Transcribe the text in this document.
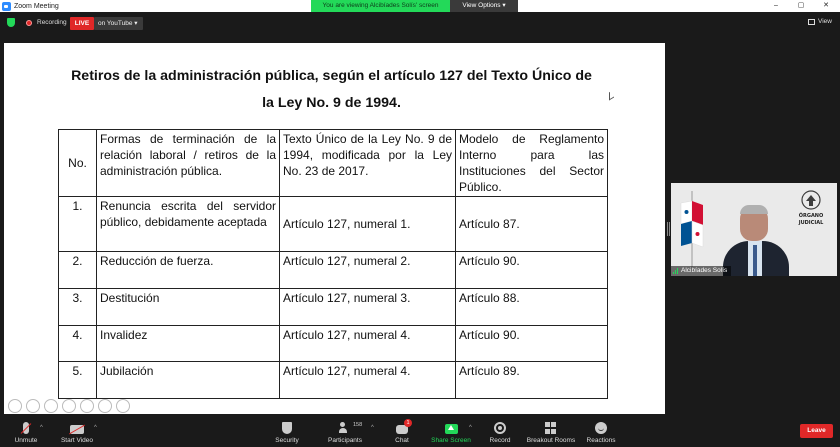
Zoom Meeting	You are viewing Alcibíades Solís' screen	View Options ▾	–	▢	✕
Recording	LIVE	on YouTube ▾	View
Retiros de la administración pública, según el artículo 127 del Texto Único de
la Ley No. 9 de 1994.
No.	Formas de terminación de la relación laboral / retiros de la administración pública.	Texto Único de la Ley No. 9 de 1994, modificada por la Ley No. 23 de 2017.	Modelo de Reglamento Interno para las Instituciones del Sector Público.
1.	Renuncia escrita del servidor público, debidamente aceptada	Artículo 127, numeral 1.	Artículo 87.
2.	Reducción de fuerza.	Artículo 127, numeral 2.	Artículo 90.
3.	Destitución	Artículo 127, numeral 3.	Artículo 88.
4.	Invalidez	Artículo 127, numeral 4.	Artículo 90.
5.	Jubilación	Artículo 127, numeral 4.	Artículo 89.
ÓRGANO
JUDICIAL
Alcibíades Solís
Unmute
^
Start Video
^
Security	Participants
158 ^
Chat
1
Share Screen
^
Record	Breakout Rooms Reactions
Leave
